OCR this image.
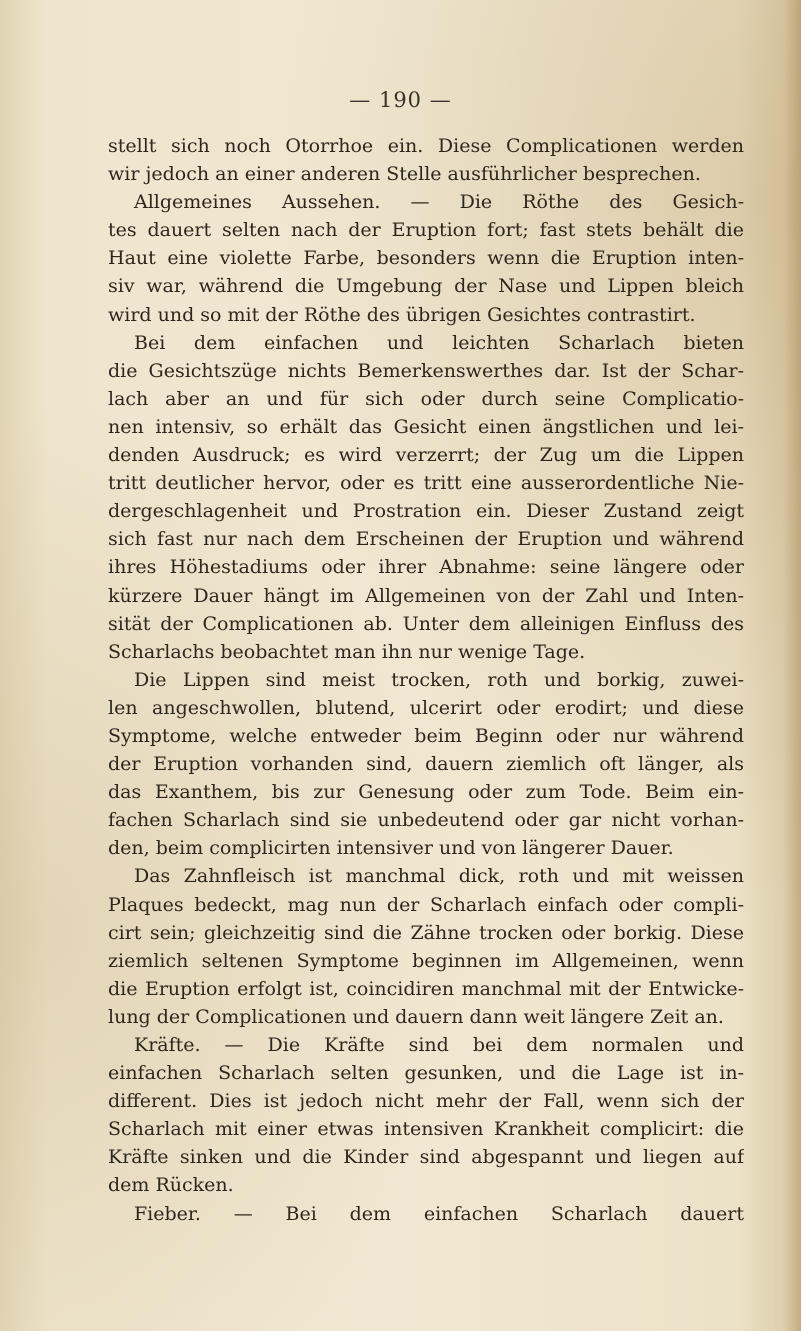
— 190 —
stellt sich noch Otorrhoe ein. Diese Complicationen werden
wir jedoch an einer anderen Stelle ausführlicher besprechen.
Allgemeines Aussehen. — Die Röthe des Gesich-
tes dauert selten nach der Eruption fort; fast stets behält die
Haut eine violette Farbe, besonders wenn die Eruption inten-
siv war, während die Umgebung der Nase und Lippen bleich
wird und so mit der Röthe des übrigen Gesichtes contrastirt.
Bei dem einfachen und leichten Scharlach bieten
die Gesichtszüge nichts Bemerkenswerthes dar. Ist der Schar-
lach aber an und für sich oder durch seine Complicatio-
nen intensiv, so erhält das Gesicht einen ängstlichen und lei-
denden Ausdruck; es wird verzerrt; der Zug um die Lippen
tritt deutlicher hervor, oder es tritt eine ausserordentliche Nie-
dergeschlagenheit und Prostration ein. Dieser Zustand zeigt
sich fast nur nach dem Erscheinen der Eruption und während
ihres Höhestadiums oder ihrer Abnahme: seine längere oder
kürzere Dauer hängt im Allgemeinen von der Zahl und Inten-
sität der Complicationen ab. Unter dem alleinigen Einfluss des
Scharlachs beobachtet man ihn nur wenige Tage.
Die Lippen sind meist trocken, roth und borkig, zuwei-
len angeschwollen, blutend, ulcerirt oder erodirt; und diese
Symptome, welche entweder beim Beginn oder nur während
der Eruption vorhanden sind, dauern ziemlich oft länger, als
das Exanthem, bis zur Genesung oder zum Tode. Beim ein-
fachen Scharlach sind sie unbedeutend oder gar nicht vorhan-
den, beim complicirten intensiver und von längerer Dauer.
Das Zahnfleisch ist manchmal dick, roth und mit weissen
Plaques bedeckt, mag nun der Scharlach einfach oder compli-
cirt sein; gleichzeitig sind die Zähne trocken oder borkig. Diese
ziemlich seltenen Symptome beginnen im Allgemeinen, wenn
die Eruption erfolgt ist, coincidiren manchmal mit der Entwicke-
lung der Complicationen und dauern dann weit längere Zeit an.
Kräfte. — Die Kräfte sind bei dem normalen und
einfachen Scharlach selten gesunken, und die Lage ist in-
different. Dies ist jedoch nicht mehr der Fall, wenn sich der
Scharlach mit einer etwas intensiven Krankheit complicirt: die
Kräfte sinken und die Kinder sind abgespannt und liegen auf
dem Rücken.
Fieber. — Bei dem einfachen Scharlach dauert
